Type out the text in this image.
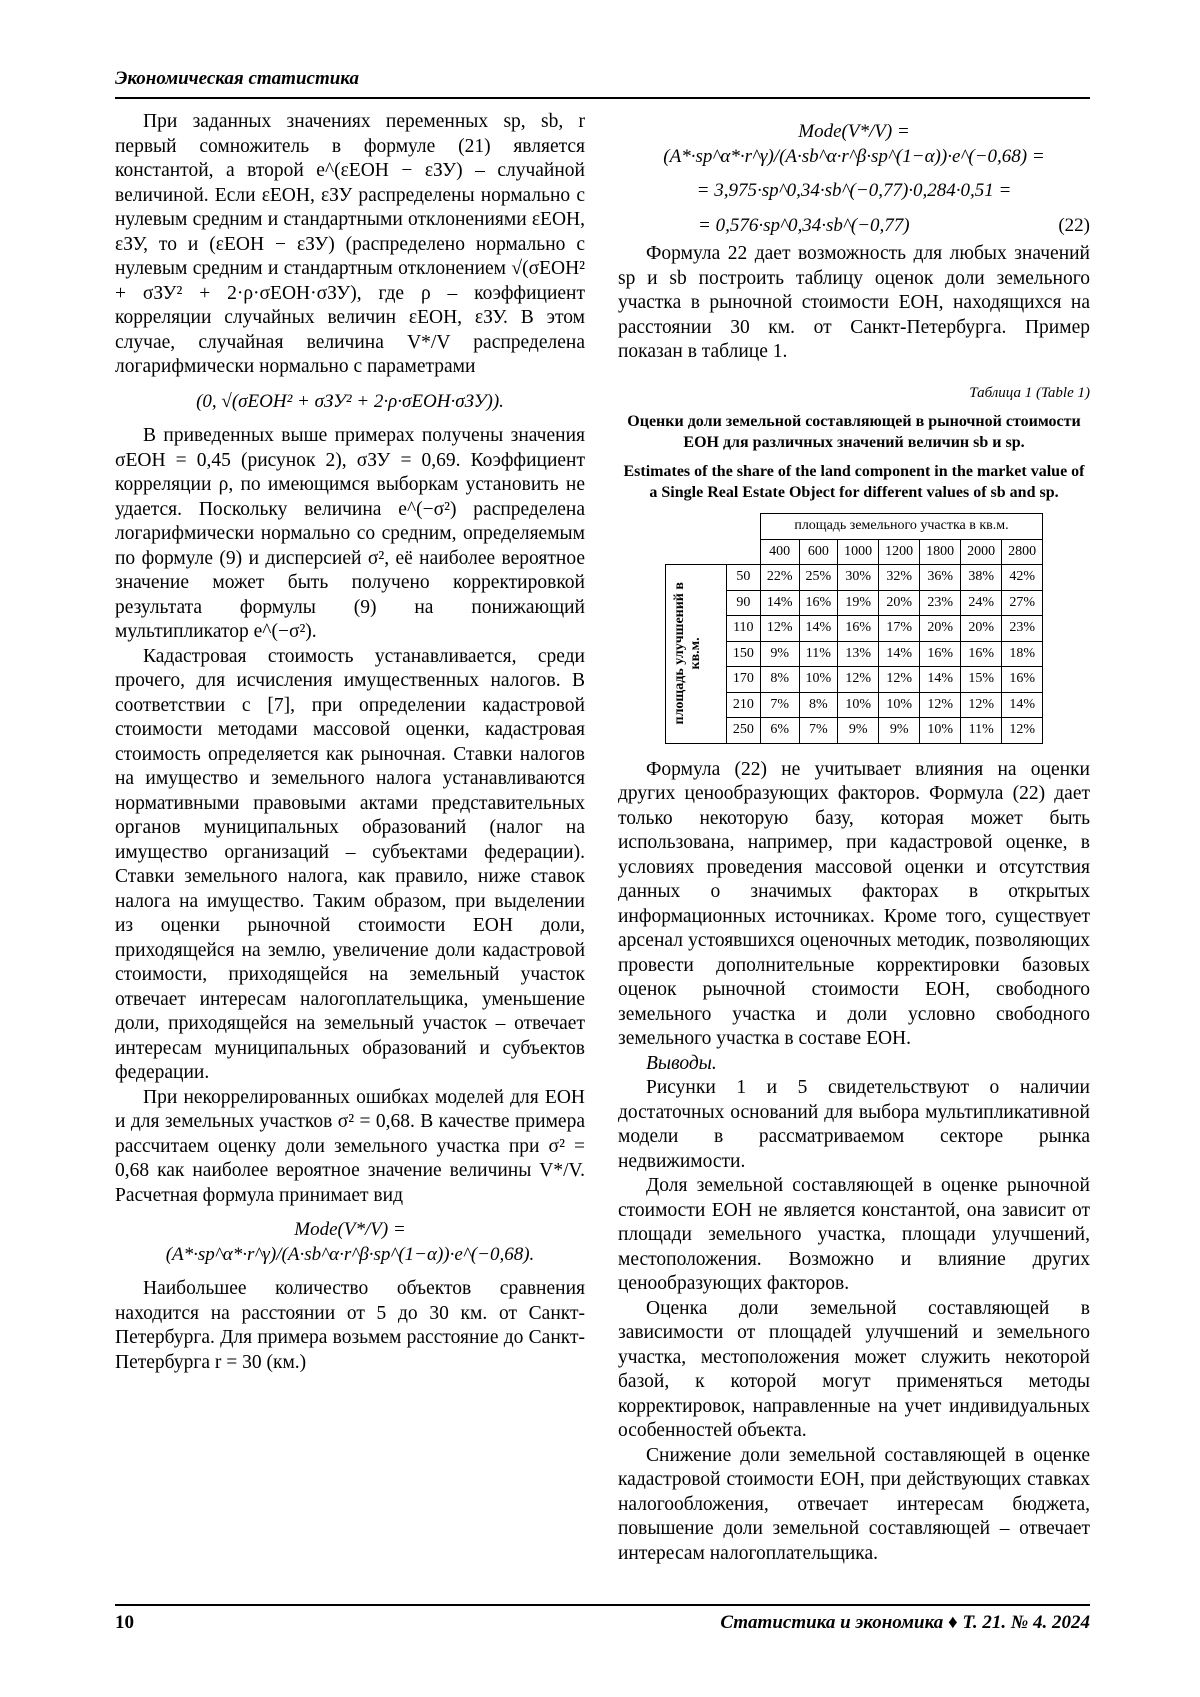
Экономическая статистика

При заданных значениях переменных sp, sb, r первый сомножитель в формуле (21) является константой, а второй e^(εЕОН − εЗУ) – случайной величиной. Если εЕОН, εЗУ распределены нормально с нулевым средним и стандартными отклонениями εЕОН, εЗУ, то и (εЕОН − εЗУ) (распределено нормально с нулевым средним и стандартным отклонением √(σЕОН² + σЗУ² + 2·ρ·σЕОН·σЗУ), где ρ – коэффициент корреляции случайных величин εЕОН, εЗУ. В этом случае, случайная величина V*/V распределена логарифмически нормально с параметрами

(0, √(σЕОН² + σЗУ² + 2·ρ·σЕОН·σЗУ)).

В приведенных выше примерах получены значения σЕОН = 0,45 (рисунок 2), σЗУ = 0,69. Коэффициент корреляции ρ, по имеющимся выборкам установить не удается. Поскольку величина e^(−σ²) распределена логарифмически нормально со средним, определяемым по формуле (9) и дисперсией σ², её наиболее вероятное значение может быть получено корректировкой результата формулы (9) на понижающий мультипликатор e^(−σ²).

Кадастровая стоимость устанавливается, среди прочего, для исчисления имущественных налогов. В соответствии с [7], при определении кадастровой стоимости методами массовой оценки, кадастровая стоимость определяется как рыночная. Ставки налогов на имущество и земельного налога устанавливаются нормативными правовыми актами представительных органов муниципальных образований (налог на имущество организаций – субъектами федерации). Ставки земельного налога, как правило, ниже ставок налога на имущество. Таким образом, при выделении из оценки рыночной стоимости ЕОН доли, приходящейся на землю, увеличение доли кадастровой стоимости, приходящейся на земельный участок отвечает интересам налогоплательщика, уменьшение доли, приходящейся на земельный участок – отвечает интересам муниципальных образований и субъектов федерации.

При некоррелированных ошибках моделей для ЕОН и для земельных участков σ² = 0,68. В качестве примера рассчитаем оценку доли земельного участка при σ² = 0,68 как наиболее вероятное значение величины V*/V. Расчетная формула принимает вид

Mode(V*/V) = (A*·sp^α*·r^γ)/(A·sb^α·r^β·sp^(1−α))·e^(−0,68).

Наибольшее количество объектов сравнения находится на расстоянии от 5 до 30 км. от Санкт-Петербурга. Для примера возьмем расстояние до Санкт-Петербурга r = 30 (км.)

Mode(V*/V) = (A*·sp^α*·r^γ)/(A·sb^α·r^β·sp^(1−α))·e^(−0,68) =
= 3,975·sp^0,34·sb^(−0,77)·0,284·0,51 =
= 0,576·sp^0,34·sb^(−0,77)	(22)

Формула 22 дает возможность для любых значений sp и sb построить таблицу оценок доли земельного участка в рыночной стоимости ЕОН, находящихся на расстоянии 30 км. от Санкт-Петербурга. Пример показан в таблице 1.

Таблица 1 (Table 1)
Оценки доли земельной составляющей в рыночной стоимости ЕОН для различных значений величин sb и sp.
Estimates of the share of the land component in the market value of a Single Real Estate Object for different values of sb and sp.
		площадь земельного участка в кв.м.						
		400	600	1000	1200	1800	2000	2800

площадь улучшений в кв.м.	50	22%	25%	30%	32%	36%	38%	42%
	90	14%	16%	19%	20%	23%	24%	27%
	110	12%	14%	16%	17%	20%	20%	23%
	150	9%	11%	13%	14%	16%	16%	18%
	170	8%	10%	12%	12%	14%	15%	16%
	210	7%	8%	10%	10%	12%	12%	14%
	250	6%	7%	9%	9%	10%	11%	12%

Формула (22) не учитывает влияния на оценки других ценообразующих факторов. Формула (22) дает только некоторую базу, которая может быть использована, например, при кадастровой оценке, в условиях проведения массовой оценки и отсутствия данных о значимых факторах в открытых информационных источниках. Кроме того, существует арсенал устоявшихся оценочных методик, позволяющих провести дополнительные корректировки базовых оценок рыночной стоимости ЕОН, свободного земельного участка и доли условно свободного земельного участка в составе ЕОН.

Выводы.

Рисунки 1 и 5 свидетельствуют о наличии достаточных оснований для выбора мультипликативной модели в рассматриваемом секторе рынка недвижимости.

Доля земельной составляющей в оценке рыночной стоимости ЕОН не является константой, она зависит от площади земельного участка, площади улучшений, местоположения. Возможно и влияние других ценообразующих факторов.

Оценка доли земельной составляющей в зависимости от площадей улучшений и земельного участка, местоположения может служить некоторой базой, к которой могут применяться методы корректировок, направленные на учет индивидуальных особенностей объекта.

Снижение доли земельной составляющей в оценке кадастровой стоимости ЕОН, при действующих ставках налогообложения, отвечает интересам бюджета, повышение доли земельной составляющей – отвечает интересам налогоплательщика.

10	Статистика и экономика ♦ Т. 21. № 4. 2024
